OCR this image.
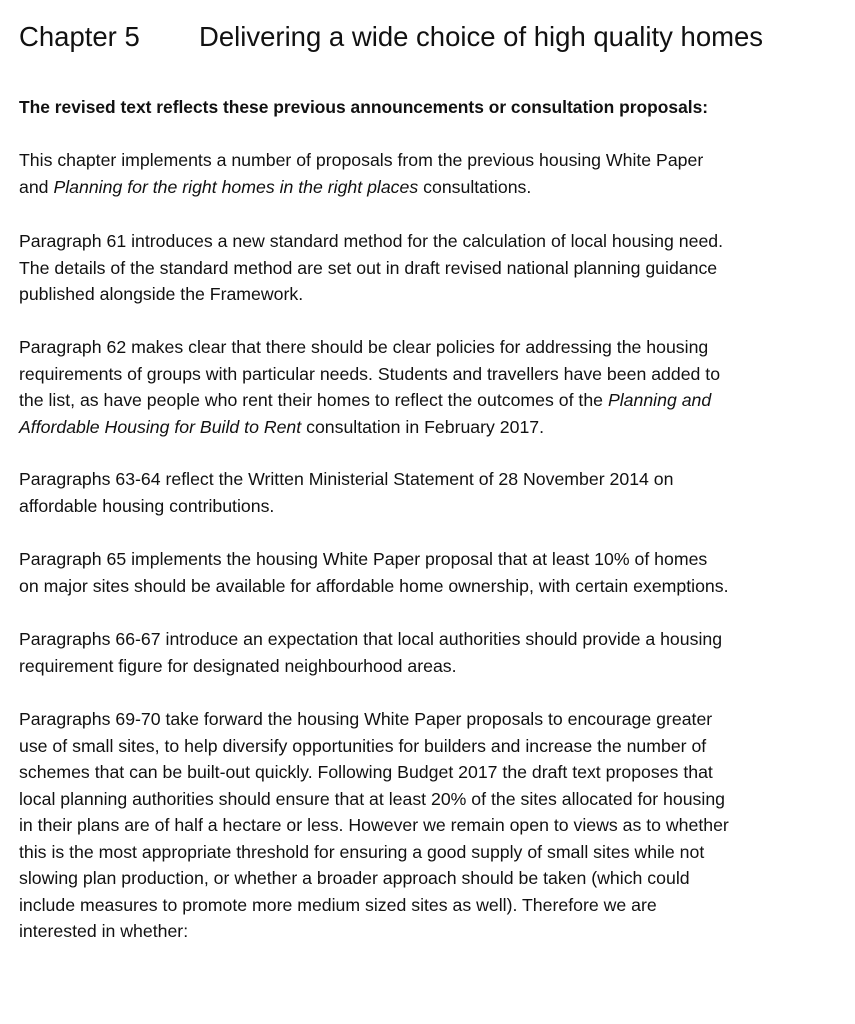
Chapter 5 Delivering a wide choice of high quality homes
The revised text reflects these previous announcements or consultation proposals:

This chapter implements a number of proposals from the previous housing White Paper
and Planning for the right homes in the right places consultations.

Paragraph 61 introduces a new standard method for the calculation of local housing need.
The details of the standard method are set out in draft revised national planning guidance
published alongside the Framework.

Paragraph 62 makes clear that there should be clear policies for addressing the housing
requirements of groups with particular needs. Students and travellers have been added to
the list, as have people who rent their homes to reflect the outcomes of the Planning and
Affordable Housing for Build to Rent consultation in February 2017.

Paragraphs 63-64 reflect the Written Ministerial Statement of 28 November 2014 on
affordable housing contributions.

Paragraph 65 implements the housing White Paper proposal that at least 10% of homes
on major sites should be available for affordable home ownership, with certain exemptions.

Paragraphs 66-67 introduce an expectation that local authorities should provide a housing
requirement figure for designated neighbourhood areas.

Paragraphs 69-70 take forward the housing White Paper proposals to encourage greater
use of small sites, to help diversify opportunities for builders and increase the number of
schemes that can be built-out quickly. Following Budget 2017 the draft text proposes that
local planning authorities should ensure that at least 20% of the sites allocated for housing
in their plans are of half a hectare or less. However we remain open to views as to whether
this is the most appropriate threshold for ensuring a good supply of small sites while not
slowing plan production, or whether a broader approach should be taken (which could
include measures to promote more medium sized sites as well). Therefore we are
interested in whether:
